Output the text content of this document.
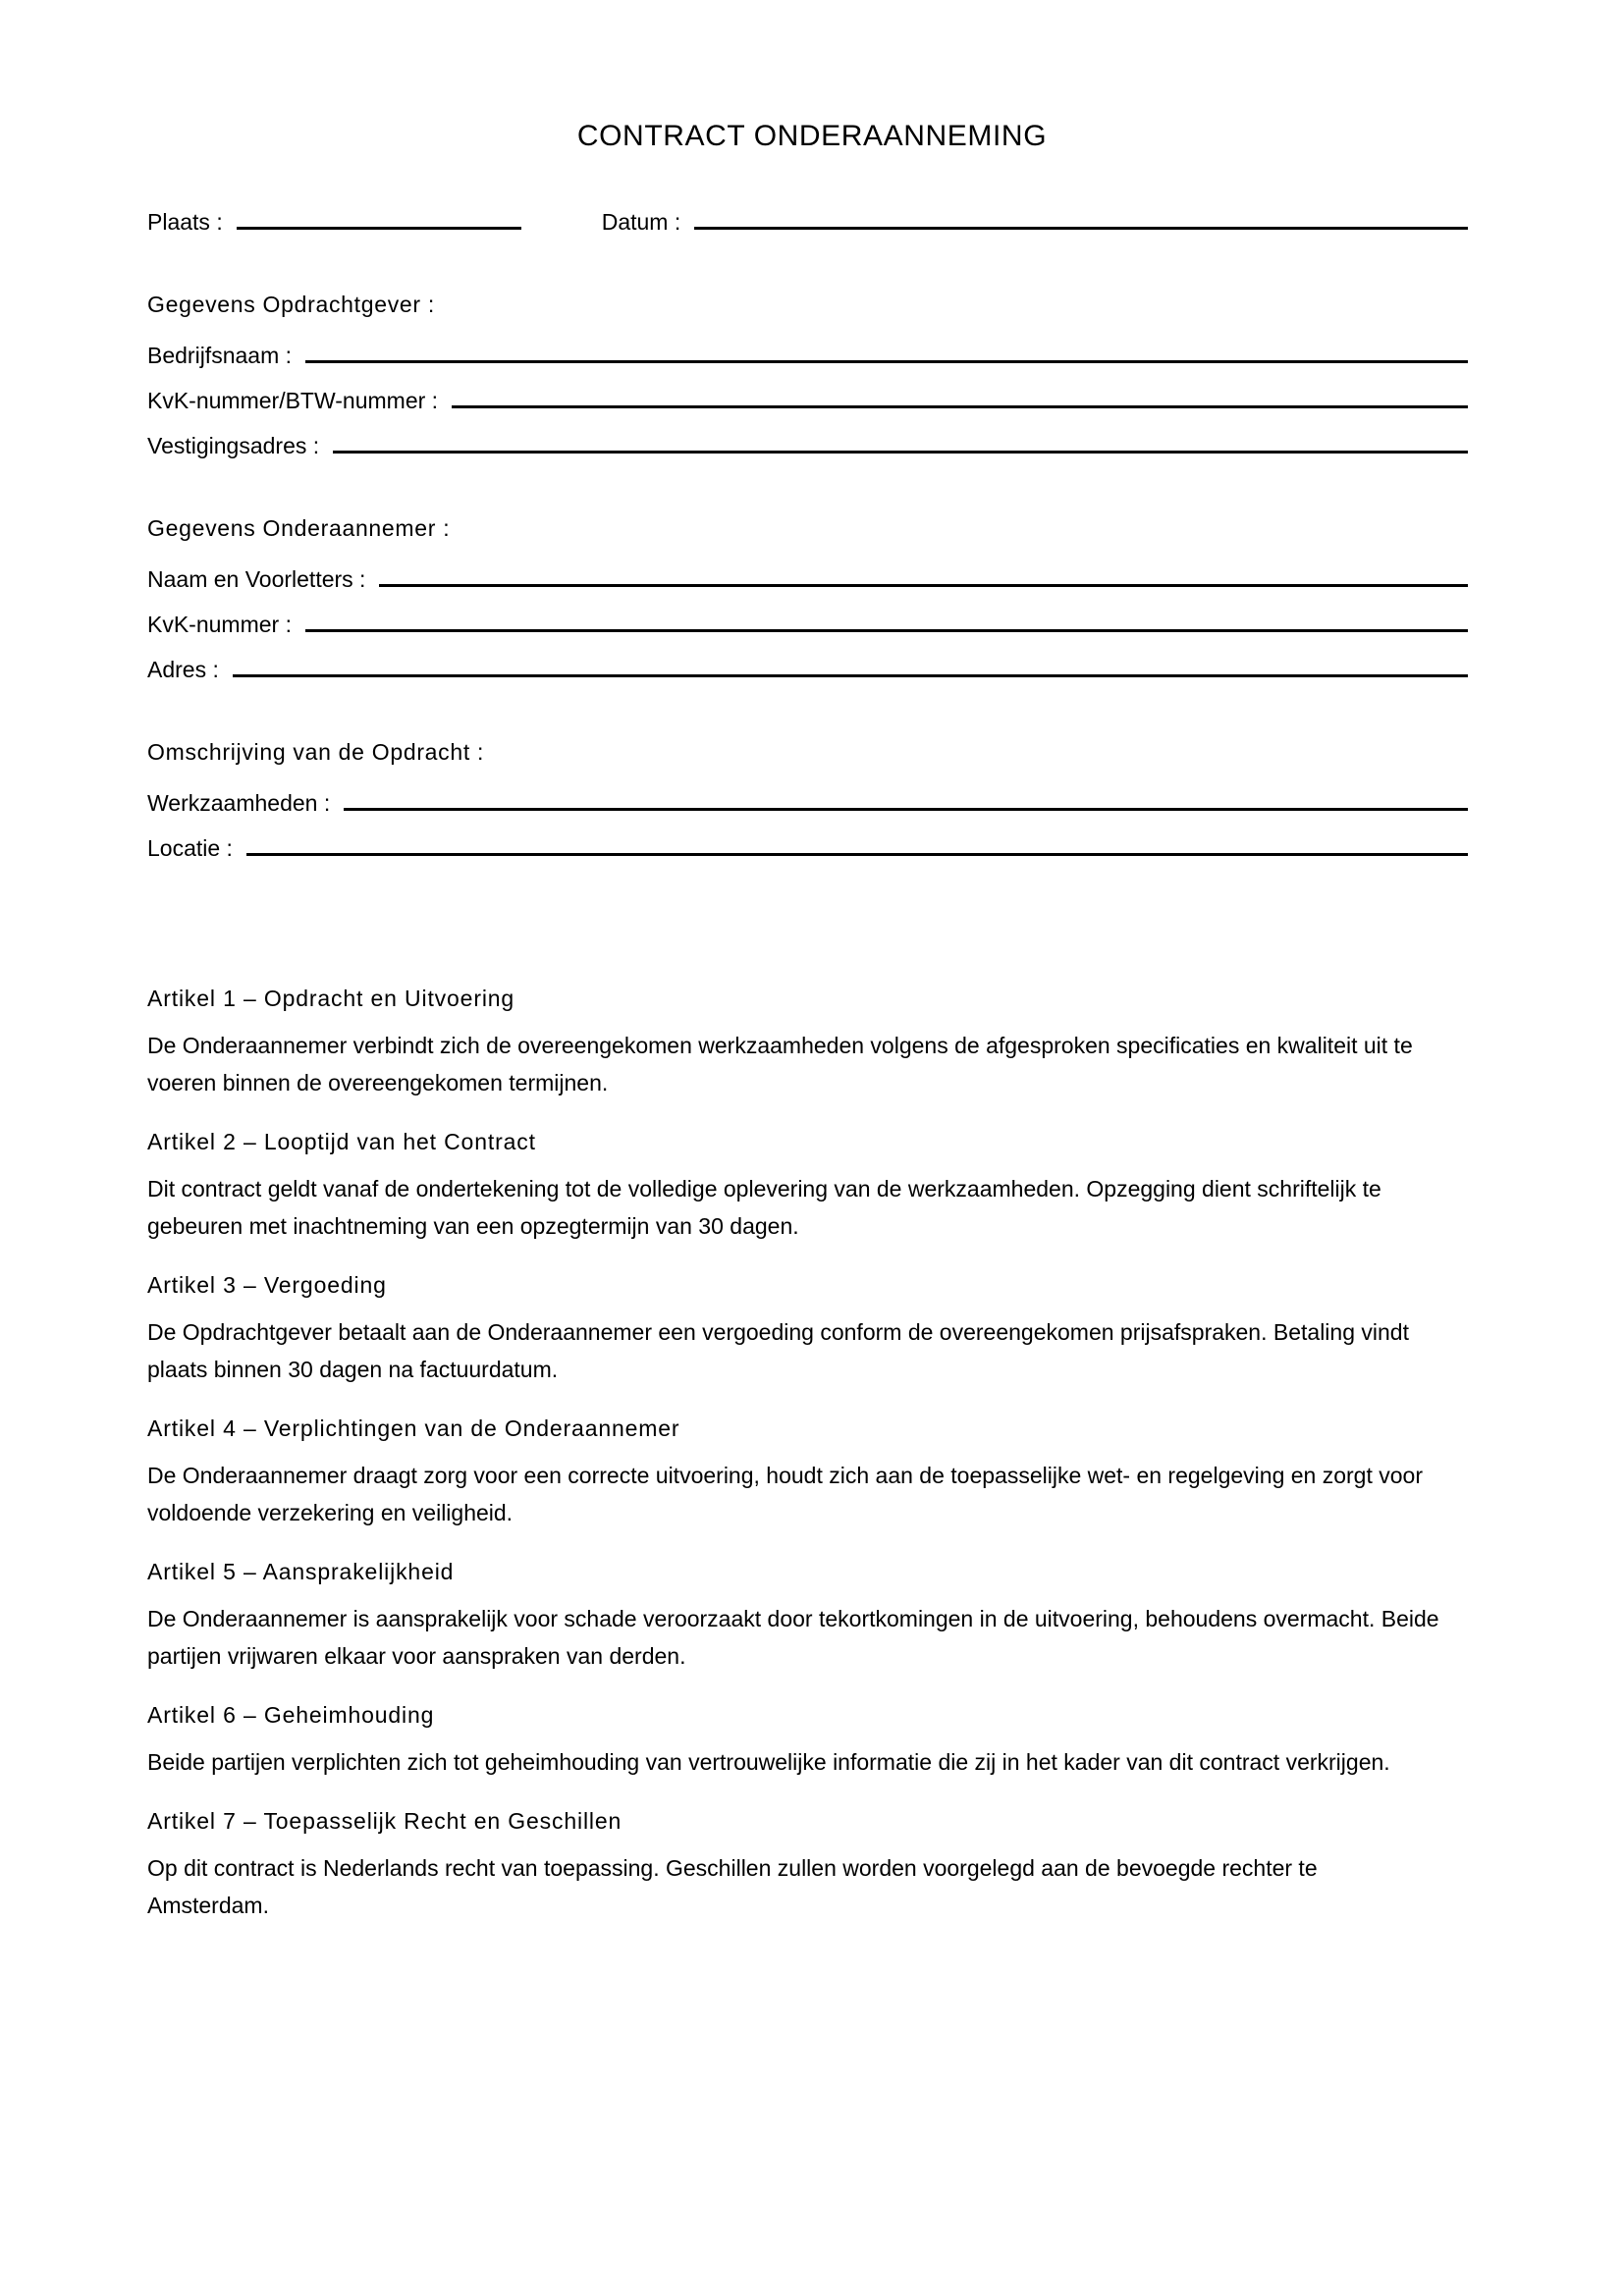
CONTRACT ONDERAANNEMING
Plaats :	Datum :
Gegevens Opdrachtgever :
Bedrijfsnaam :
KvK-nummer/BTW-nummer :
Vestigingsadres :
Gegevens Onderaannemer :
Naam en Voorletters :
KvK-nummer :
Adres :
Omschrijving van de Opdracht :
Werkzaamheden :
Locatie :
Artikel 1 – Opdracht en Uitvoering

De Onderaannemer verbindt zich de overeengekomen werkzaamheden volgens de afgesproken specificaties en kwaliteit uit te voeren binnen de overeengekomen termijnen.

Artikel 2 – Looptijd van het Contract

Dit contract geldt vanaf de ondertekening tot de volledige oplevering van de werkzaamheden. Opzegging dient schriftelijk te gebeuren met inachtneming van een opzegtermijn van 30 dagen.

Artikel 3 – Vergoeding

De Opdrachtgever betaalt aan de Onderaannemer een vergoeding conform de overeengekomen prijsafspraken. Betaling vindt plaats binnen 30 dagen na factuurdatum.

Artikel 4 – Verplichtingen van de Onderaannemer

De Onderaannemer draagt zorg voor een correcte uitvoering, houdt zich aan de toepasselijke wet- en regelgeving en zorgt voor voldoende verzekering en veiligheid.

Artikel 5 – Aansprakelijkheid

De Onderaannemer is aansprakelijk voor schade veroorzaakt door tekortkomingen in de uitvoering, behoudens overmacht. Beide partijen vrijwaren elkaar voor aanspraken van derden.

Artikel 6 – Geheimhouding

Beide partijen verplichten zich tot geheimhouding van vertrouwelijke informatie die zij in het kader van dit contract verkrijgen.

Artikel 7 – Toepasselijk Recht en Geschillen

Op dit contract is Nederlands recht van toepassing. Geschillen zullen worden voorgelegd aan de bevoegde rechter te Amsterdam.
